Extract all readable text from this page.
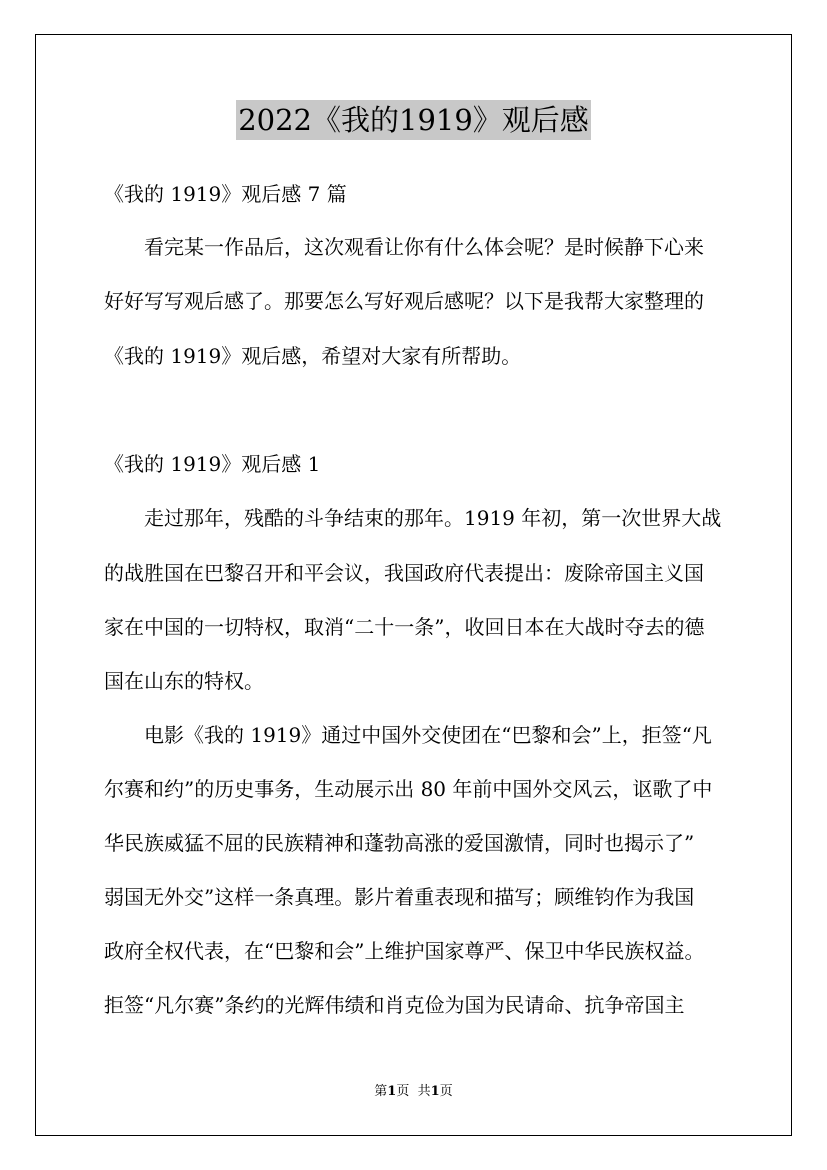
2022《我的1919》观后感
《我的 1919》观后感 7 篇
看完某一作品后，这次观看让你有什么体会呢？是时候静下心来
好好写写观后感了。那要怎么写好观后感呢？以下是我帮大家整理的
《我的 1919》观后感，希望对大家有所帮助。
《我的 1919》观后感 1
走过那年，残酷的斗争结束的那年。1919 年初，第一次世界大战
的战胜国在巴黎召开和平会议，我国政府代表提出：废除帝国主义国
家在中国的一切特权，取消“二十一条”，收回日本在大战时夺去的德
国在山东的特权。
电影《我的 1919》通过中国外交使团在“巴黎和会”上，拒签“凡
尔赛和约”的历史事务，生动展示出 80 年前中国外交风云，讴歌了中
华民族威猛不屈的民族精神和蓬勃高涨的爱国激情，同时也揭示了”
弱国无外交”这样一条真理。影片着重表现和描写；顾维钧作为我国
政府全权代表，在“巴黎和会”上维护国家尊严、保卫中华民族权益。
拒签“凡尔赛”条约的光辉伟绩和肖克俭为国为民请命、抗争帝国主
第1页 共1页
